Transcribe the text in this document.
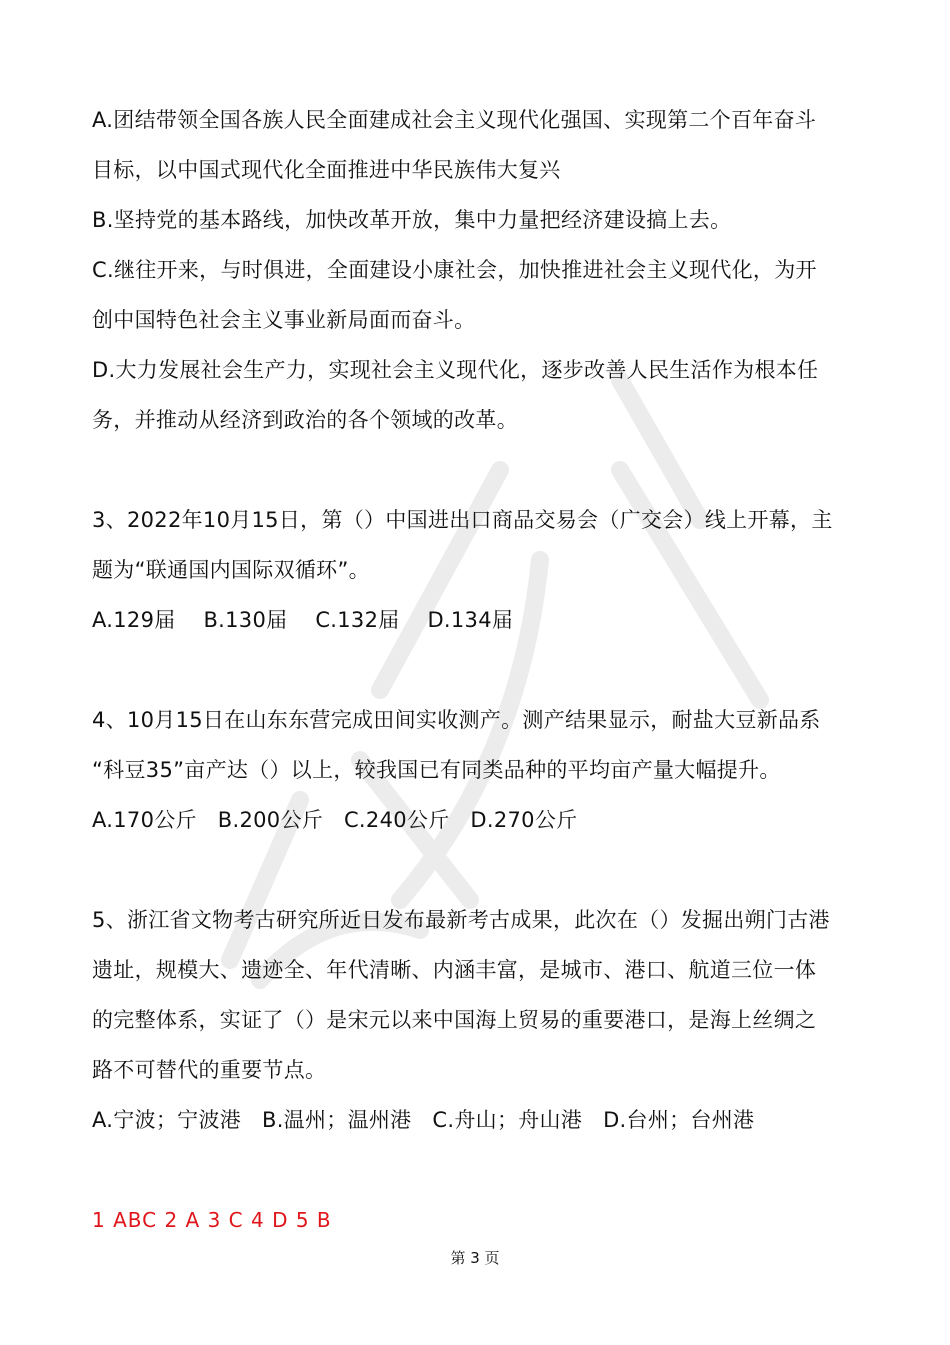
A.团结带领全国各族人民全面建成社会主义现代化强国、实现第二个百年奋斗
目标，以中国式现代化全面推进中华民族伟大复兴
B.坚持党的基本路线，加快改革开放，集中力量把经济建设搞上去。
C.继往开来，与时俱进，全面建设小康社会，加快推进社会主义现代化，为开
创中国特色社会主义事业新局面而奋斗。
D.大力发展社会生产力，实现社会主义现代化，逐步改善人民生活作为根本任
务，并推动从经济到政治的各个领域的改革。
3、2022年10月15日，第（）中国进出口商品交易会（广交会）线上开幕，主
题为“联通国内国际双循环”。
A.129届    B.130届    C.132届    D.134届
4、10月15日在山东东营完成田间实收测产。测产结果显示，耐盐大豆新品系
“科豆35”亩产达（）以上，较我国已有同类品种的平均亩产量大幅提升。
A.170公斤   B.200公斤   C.240公斤   D.270公斤
5、浙江省文物考古研究所近日发布最新考古成果，此次在（）发掘出朔门古港
遗址，规模大、遗迹全、年代清晰、内涵丰富，是城市、港口、航道三位一体
的完整体系，实证了（）是宋元以来中国海上贸易的重要港口，是海上丝绸之
路不可替代的重要节点。
A.宁波；宁波港   B.温州；温州港   C.舟山；舟山港   D.台州；台州港
1 ABC 2 A 3 C 4 D 5 B
第 3 页
